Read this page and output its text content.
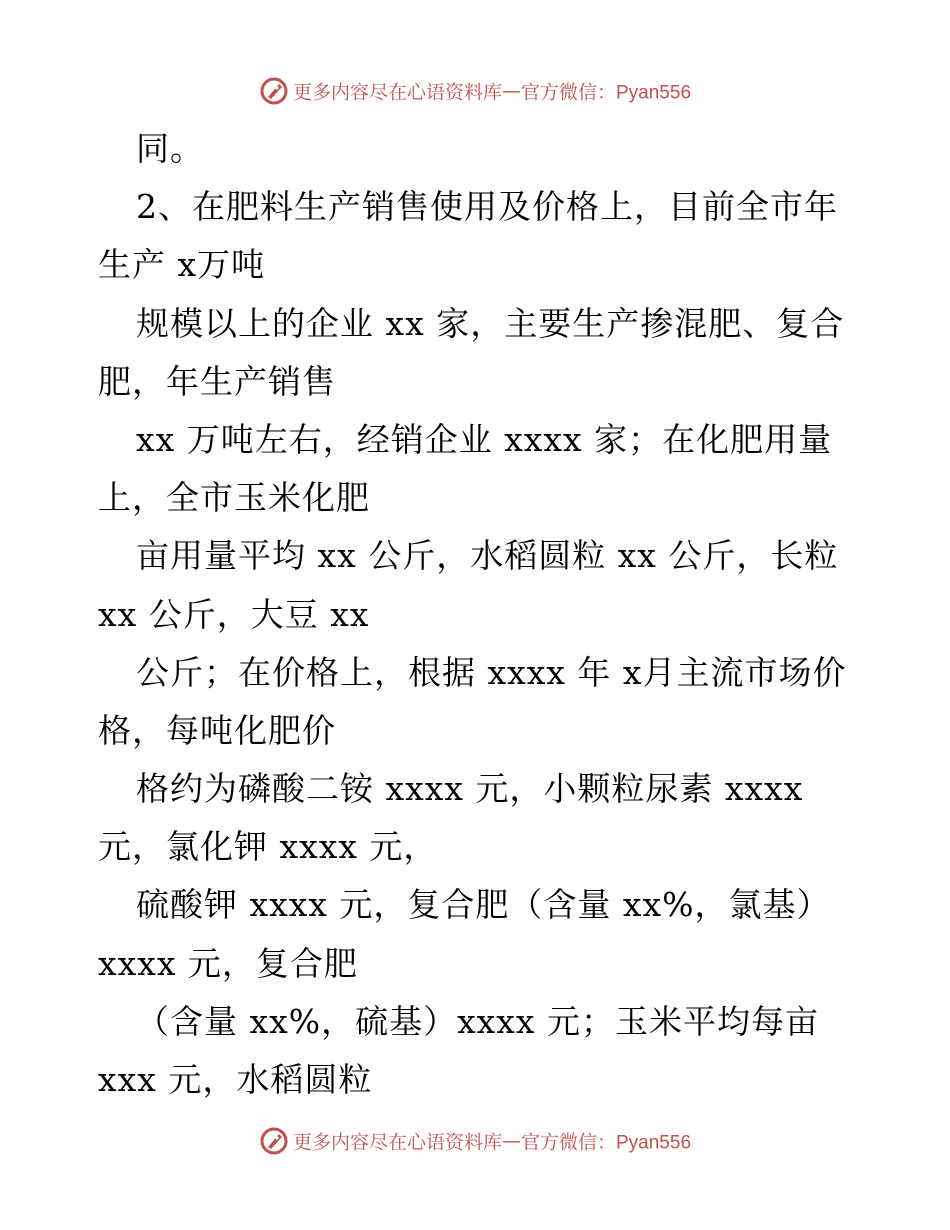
更多内容尽在心语资料库—官方微信：Pyan556
同。
2、在肥料生产销售使用及价格上，目前全市年
生产 x万吨
规模以上的企业 xx 家，主要生产掺混肥、复合
肥，年生产销售
xx 万吨左右，经销企业 xxxx 家；在化肥用量
上，全市玉米化肥
亩用量平均 xx 公斤，水稻圆粒 xx 公斤，长粒
xx 公斤，大豆 xx
公斤；在价格上，根据 xxxx 年 x月主流市场价
格，每吨化肥价
格约为磷酸二铵 xxxx 元，小颗粒尿素 xxxx
元，氯化钾 xxxx 元，
硫酸钾 xxxx 元，复合肥（含量 xx%，氯基）
xxxx 元，复合肥
（含量 xx%，硫基）xxxx 元；玉米平均每亩
xxx 元，水稻圆粒
更多内容尽在心语资料库—官方微信：Pyan556
